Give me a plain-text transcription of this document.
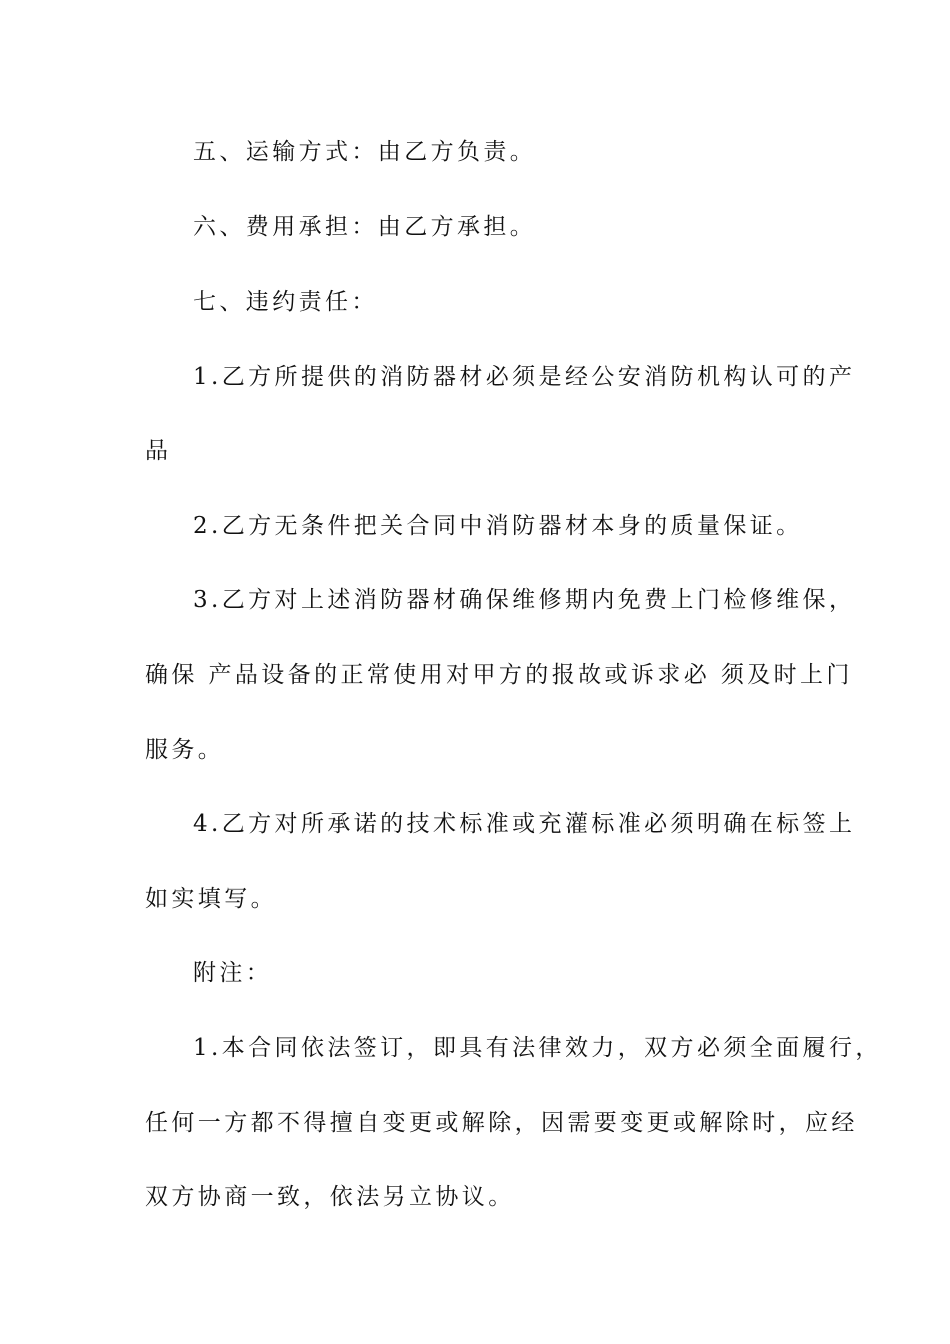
五、运输方式：由乙方负责。
六、费用承担：由乙方承担。
七、违约责任：
1.乙方所提供的消防器材必须是经公安消防机构认可的产
品
2.乙方无条件把关合同中消防器材本身的质量保证。
3.乙方对上述消防器材确保维修期内免费上门检修维保，
确保 产品设备的正常使用对甲方的报故或诉求必 须及时上门
服务。
4.乙方对所承诺的技术标准或充灌标准必须明确在标签上
如实填写。
附注：
1.本合同依法签订，即具有法律效力，双方必须全面履行，
任何一方都不得擅自变更或解除，因需要变更或解除时，应经
双方协商一致，依法另立协议。
